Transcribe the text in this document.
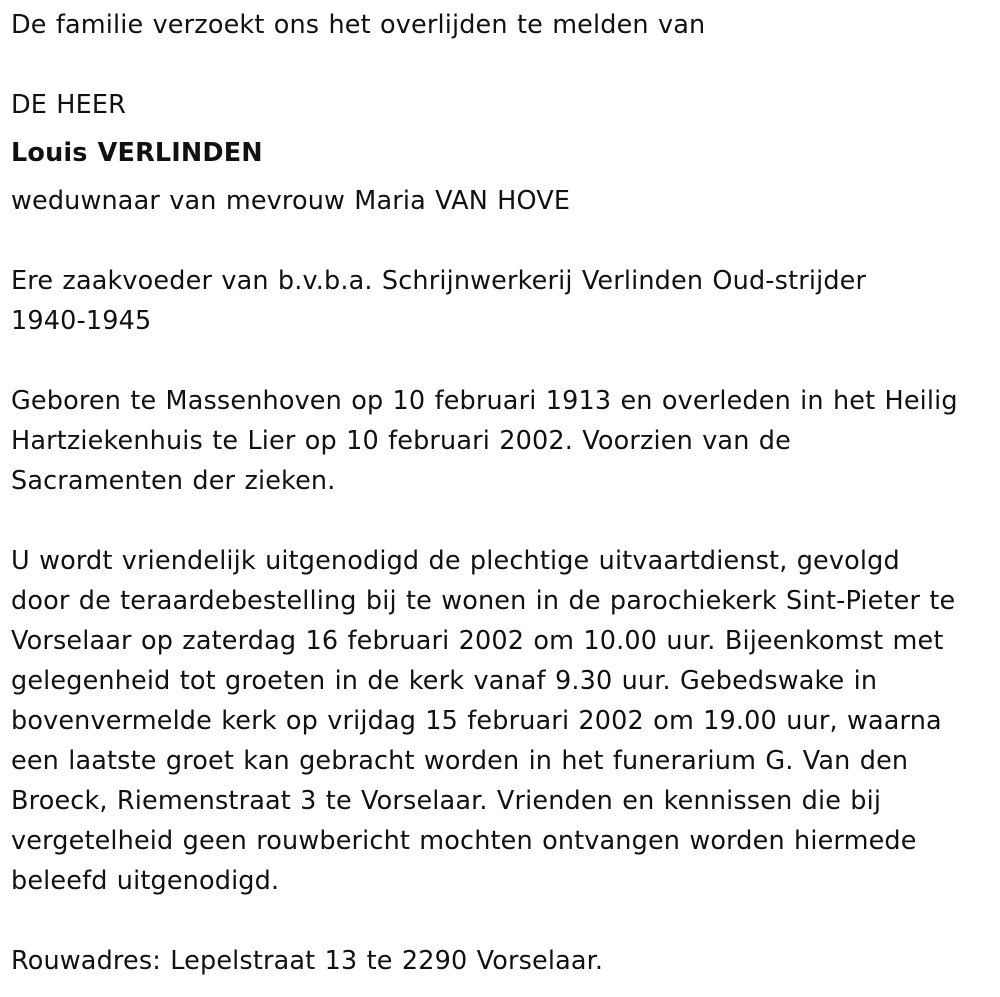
De familie verzoekt ons het overlijden te melden van
DE HEER
Louis VERLINDEN
weduwnaar van mevrouw Maria VAN HOVE
Ere zaakvoeder van b.v.b.a. Schrijnwerkerij Verlinden Oud-strijder
1940-1945
Geboren te Massenhoven op 10 februari 1913 en overleden in het Heilig
Hartziekenhuis te Lier op 10 februari 2002. Voorzien van de
Sacramenten der zieken.
U wordt vriendelijk uitgenodigd de plechtige uitvaartdienst, gevolgd
door de teraardebestelling bij te wonen in de parochiekerk Sint-Pieter te
Vorselaar op zaterdag 16 februari 2002 om 10.00 uur. Bijeenkomst met
gelegenheid tot groeten in de kerk vanaf 9.30 uur. Gebedswake in
bovenvermelde kerk op vrijdag 15 februari 2002 om 19.00 uur, waarna
een laatste groet kan gebracht worden in het funerarium G. Van den
Broeck, Riemenstraat 3 te Vorselaar. Vrienden en kennissen die bij
vergetelheid geen rouwbericht mochten ontvangen worden hiermede
beleefd uitgenodigd.
Rouwadres: Lepelstraat 13 te 2290 Vorselaar.
